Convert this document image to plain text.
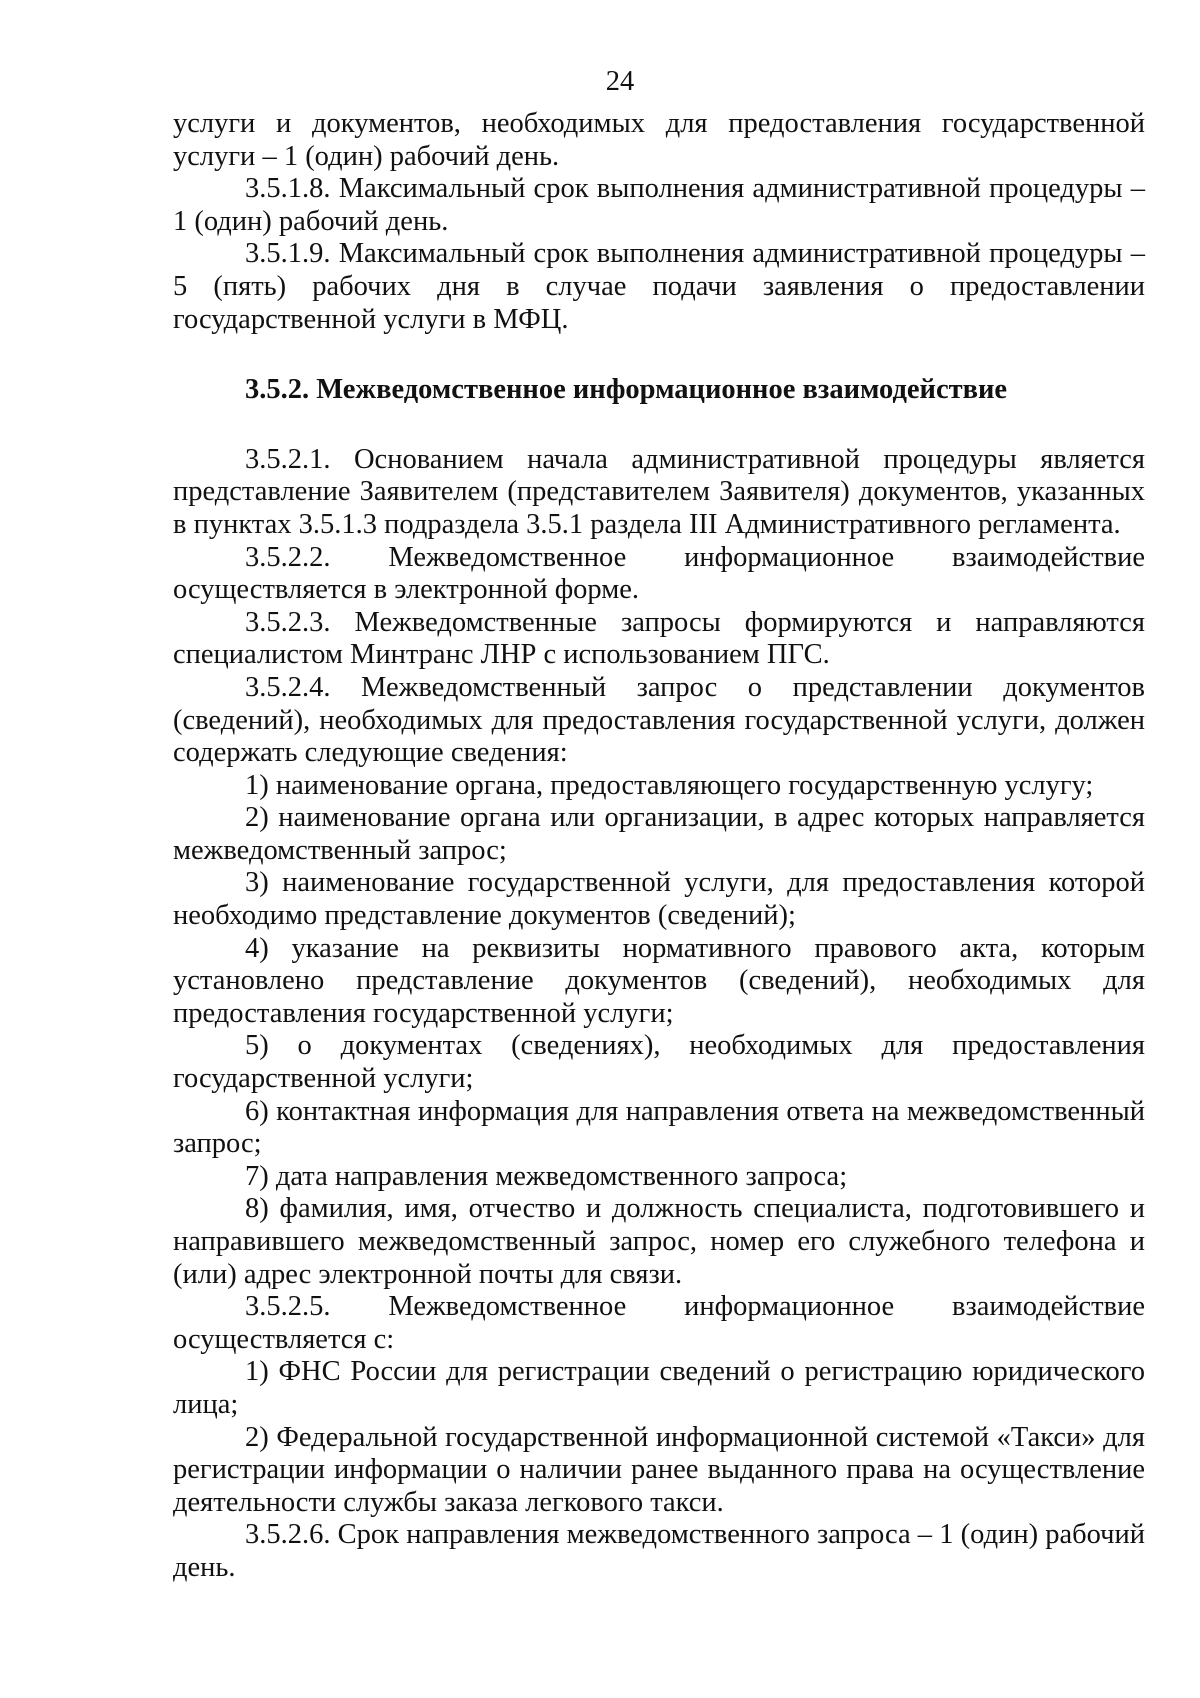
24

услуги и документов, необходимых для предоставления государственной услуги – 1 (один) рабочий день.

3.5.1.8. Максимальный срок выполнения административной процедуры – 1 (один) рабочий день.

3.5.1.9. Максимальный срок выполнения административной процедуры – 5 (пять) рабочих дня в случае подачи заявления о предоставлении государственной услуги в МФЦ.

3.5.2. Межведомственное информационное взаимодействие

3.5.2.1. Основанием начала административной процедуры является представление Заявителем (представителем Заявителя) документов, указанных в пунктах 3.5.1.3 подраздела 3.5.1 раздела III Административного регламента.

3.5.2.2. Межведомственное информационное взаимодействие осуществляется в электронной форме.

3.5.2.3. Межведомственные запросы формируются и направляются специалистом Минтранс ЛНР с использованием ПГС.

3.5.2.4. Межведомственный запрос о представлении документов (сведений), необходимых для предоставления государственной услуги, должен содержать следующие сведения:

1) наименование органа, предоставляющего государственную услугу;

2) наименование органа или организации, в адрес которых направляется межведомственный запрос;

3) наименование государственной услуги, для предоставления которой необходимо представление документов (сведений);

4) указание на реквизиты нормативного правового акта, которым установлено представление документов (сведений), необходимых для предоставления государственной услуги;

5) о документах (сведениях), необходимых для предоставления государственной услуги;

6) контактная информация для направления ответа на межведомственный запрос;

7) дата направления межведомственного запроса;

8) фамилия, имя, отчество и должность специалиста, подготовившего и направившего межведомственный запрос, номер его служебного телефона и (или) адрес электронной почты для связи.

3.5.2.5. Межведомственное информационное взаимодействие осуществляется с:

1) ФНС России для регистрации сведений о регистрацию юридического лица;

2) Федеральной государственной информационной системой «Такси» для регистрации информации о наличии ранее выданного права на осуществление деятельности службы заказа легкового такси.

3.5.2.6. Срок направления межведомственного запроса – 1 (один) рабочий день.
